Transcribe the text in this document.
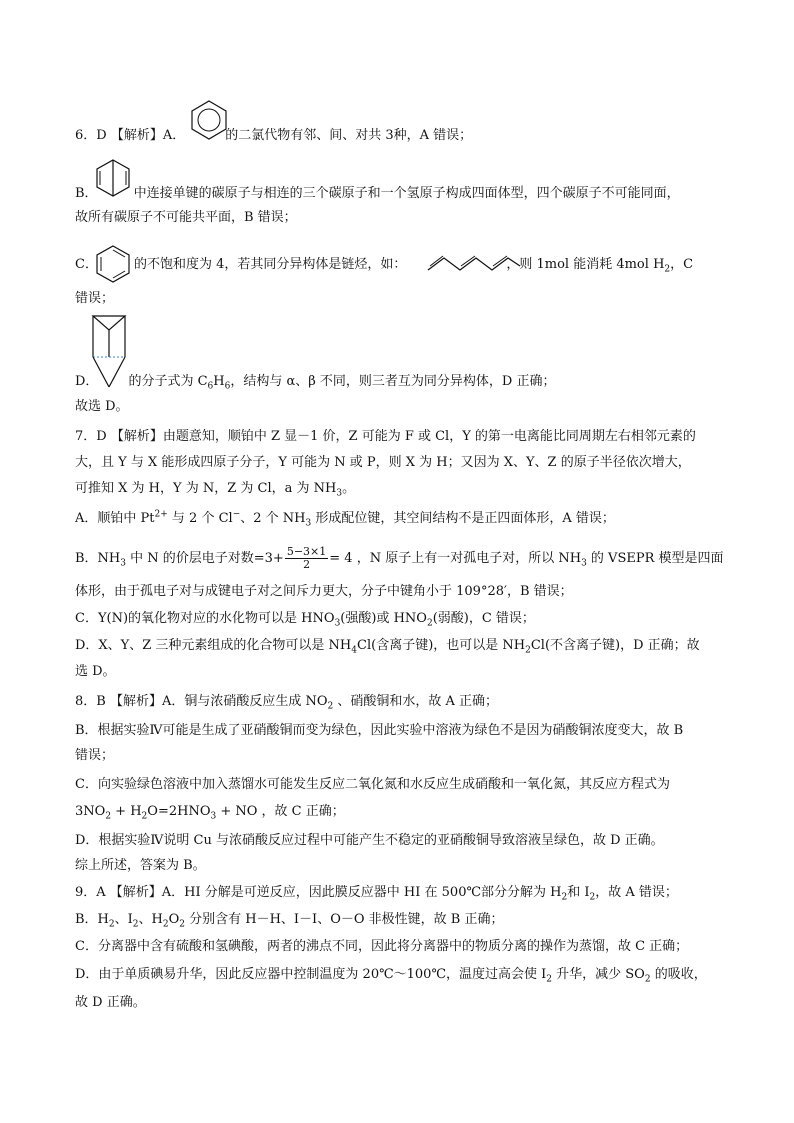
6．D 【解析】A．	的二氯代物有邻、间、对共 3种，A 错误；
B．	中连接单键的碳原子与相连的三个碳原子和一个氢原子构成四面体型，四个碳原子不可能同面，
故所有碳原子不可能共平面，B 错误；
C．	的不饱和度为 4，若其同分异构体是链烃，如：	，则 1mol 能消耗 4mol $H_2$，C
错误；
D． 的分子式为 $C_6H_6$，结构与 α、β 不同，则三者互为同分异构体，D 正确；
故选 D。
7．D 【解析】由题意知，顺铂中 Z 显－1 价，Z 可能为 F 或 Cl，Y 的第一电离能比同周期左右相邻元素的
大，且 Y 与 X 能形成四原子分子，Y 可能为 N 或 P，则 X 为 H；又因为 X、Y、Z 的原子半径依次增大，
可推知 X 为 H，Y 为 N，Z 为 Cl，a 为 $NH_3$。
A．顺铂中 $Pt^{2+}$ 与 2 个 Cl−、2 个 $NH_3$ 形成配位键，其空间结构不是正四面体形，A 错误；
B．$NH_3$ 中 N 的价层电子对数$=3+ \frac{5-3\times 1}{2} = 4$ ，N 原子上有一对孤电子对，所以 $NH_3$ 的 VSEPR 模型是四面
体形，由于孤电子对与成键电子对之间斥力更大，分子中键角小于 109°28′，B 错误；
C．Y(N)的氧化物对应的水化物可以是 $HNO_3$(强酸)或 $HNO_2$(弱酸)，C 错误；
D．X、Y、Z 三种元素组成的化合物可以是 $NH_4Cl$(含离子键)，也可以是 $NH_2Cl$(不含离子键)，D 正确；故
选 D。
8．B 【解析】A．铜与浓硝酸反应生成 $NO_2$ 、硝酸铜和水，故 A 正确；
B．根据实验Ⅳ可能是生成了亚硝酸铜而变为绿色，因此实验中溶液为绿色不是因为硝酸铜浓度变大，故 B
错误；
C．向实验绿色溶液中加入蒸馏水可能发生反应二氧化氮和水反应生成硝酸和一氧化氮，其反应方程式为
$3NO_2 + H_2O=2HNO_3$ + NO ，故 C 正确；
D．根据实验Ⅳ说明 Cu 与浓硝酸反应过程中可能产生不稳定的亚硝酸铜导致溶液呈绿色，故 D 正确。
综上所述，答案为 B。
9．A 【解析】A．HI 分解是可逆反应，因此膜反应器中 HI 在 500℃部分分解为 $H_2$和 $I_2$，故 A 错误；
B．$H_2$、$I_2$、$H_2O_2$ 分别含有 H－H、I－I、O－O 非极性键，故 B 正确；
C．分离器中含有硫酸和氢碘酸，两者的沸点不同，因此将分离器中的物质分离的操作为蒸馏，故 C 正确；
D．由于单质碘易升华，因此反应器中控制温度为 20℃～100℃，温度过高会使 $I_2$ 升华，减少 $SO_2$ 的吸收，
故 D 正确。
